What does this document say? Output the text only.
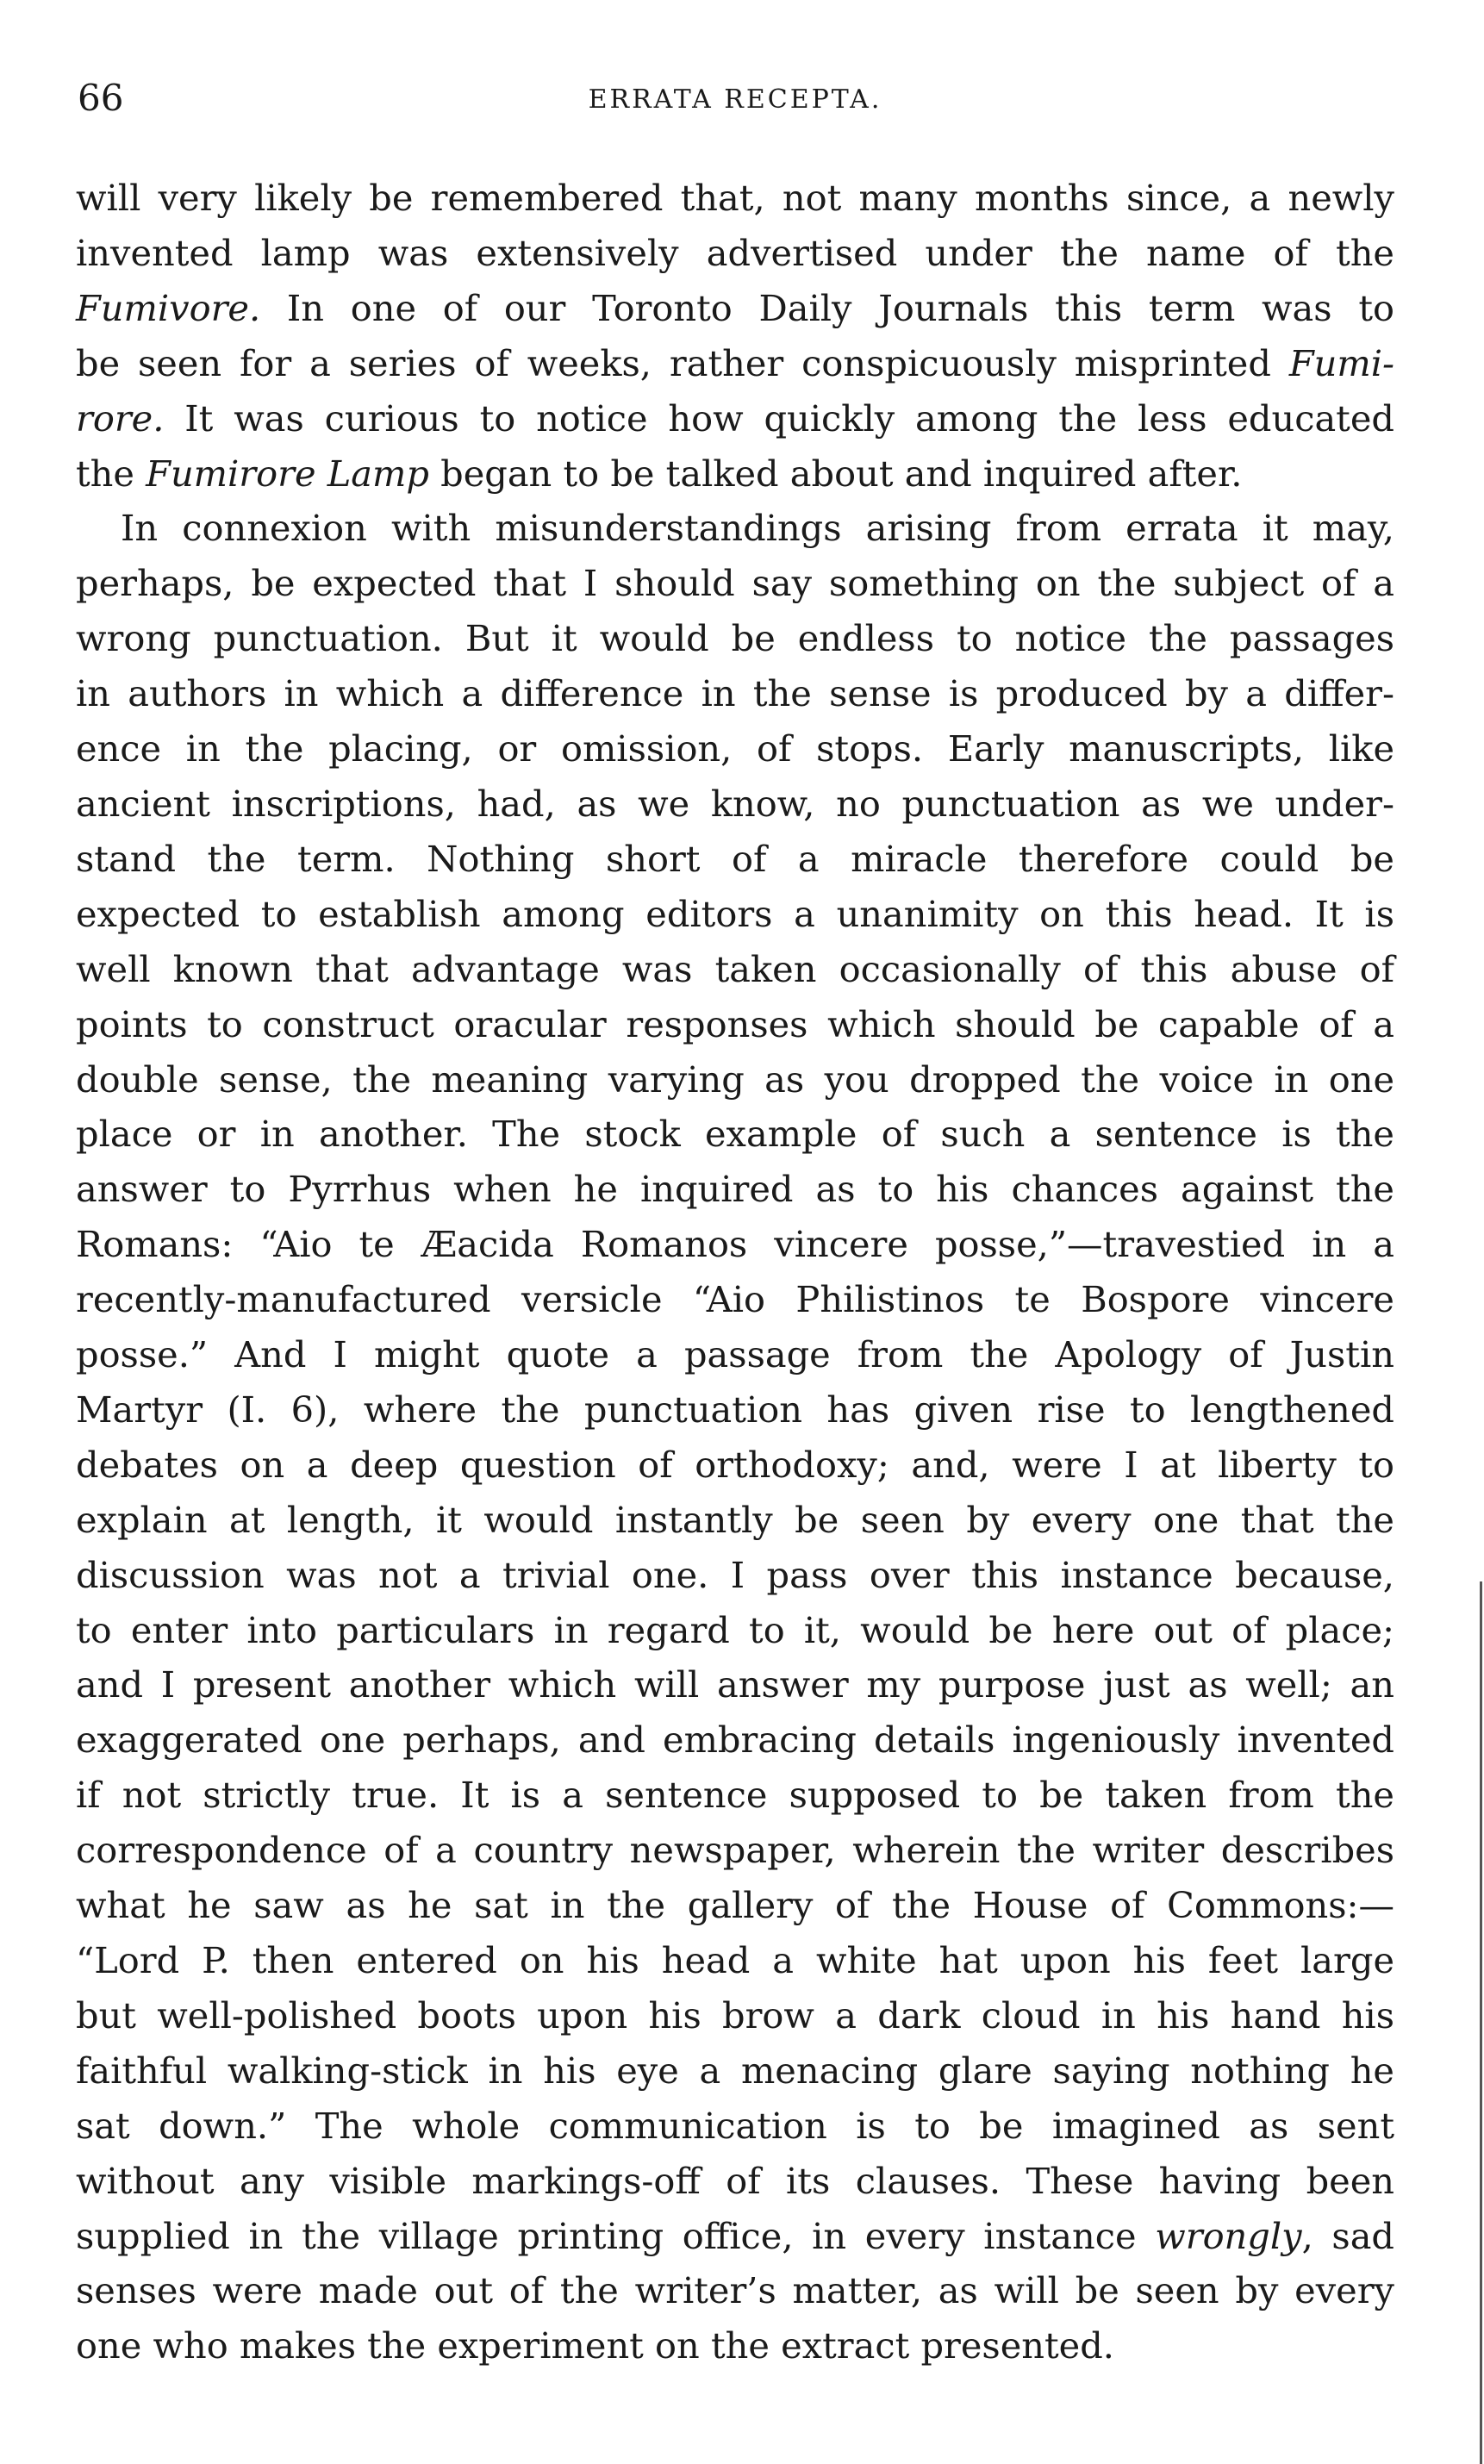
66	ERRATA RECEPTA.

will very likely be remembered that, not many months since, a newly
invented lamp was extensively advertised under the name of the
Fumivore. In one of our Toronto Daily Journals this term was to
be seen for a series of weeks, rather conspicuously misprinted Fumi-
rore. It was curious to notice how quickly among the less educated
the Fumirore Lamp began to be talked about and inquired after.

In connexion with misunderstandings arising from errata it may,
perhaps, be expected that I should say something on the subject of a
wrong punctuation. But it would be endless to notice the passages
in authors in which a difference in the sense is produced by a differ-
ence in the placing, or omission, of stops. Early manuscripts, like
ancient inscriptions, had, as we know, no punctuation as we under-
stand the term. Nothing short of a miracle therefore could be
expected to establish among editors a unanimity on this head. It is
well known that advantage was taken occasionally of this abuse of
points to construct oracular responses which should be capable of a
double sense, the meaning varying as you dropped the voice in one
place or in another. The stock example of such a sentence is the
answer to Pyrrhus when he inquired as to his chances against the
Romans: “Aio te Æacida Romanos vincere posse,”—travestied in a
recently-manufactured versicle “Aio Philistinos te Bospore vincere
posse.” And I might quote a passage from the Apology of Justin
Martyr (I. 6), where the punctuation has given rise to lengthened
debates on a deep question of orthodoxy; and, were I at liberty to
explain at length, it would instantly be seen by every one that the
discussion was not a trivial one. I pass over this instance because,
to enter into particulars in regard to it, would be here out of place;
and I present another which will answer my purpose just as well; an
exaggerated one perhaps, and embracing details ingeniously invented
if not strictly true. It is a sentence supposed to be taken from the
correspondence of a country newspaper, wherein the writer describes
what he saw as he sat in the gallery of the House of Commons:—
“Lord P. then entered on his head a white hat upon his feet large
but well-polished boots upon his brow a dark cloud in his hand his
faithful walking-stick in his eye a menacing glare saying nothing he
sat down.” The whole communication is to be imagined as sent
without any visible markings-off of its clauses. These having been
supplied in the village printing office, in every instance wrongly, sad
senses were made out of the writer’s matter, as will be seen by every
one who makes the experiment on the extract presented.
